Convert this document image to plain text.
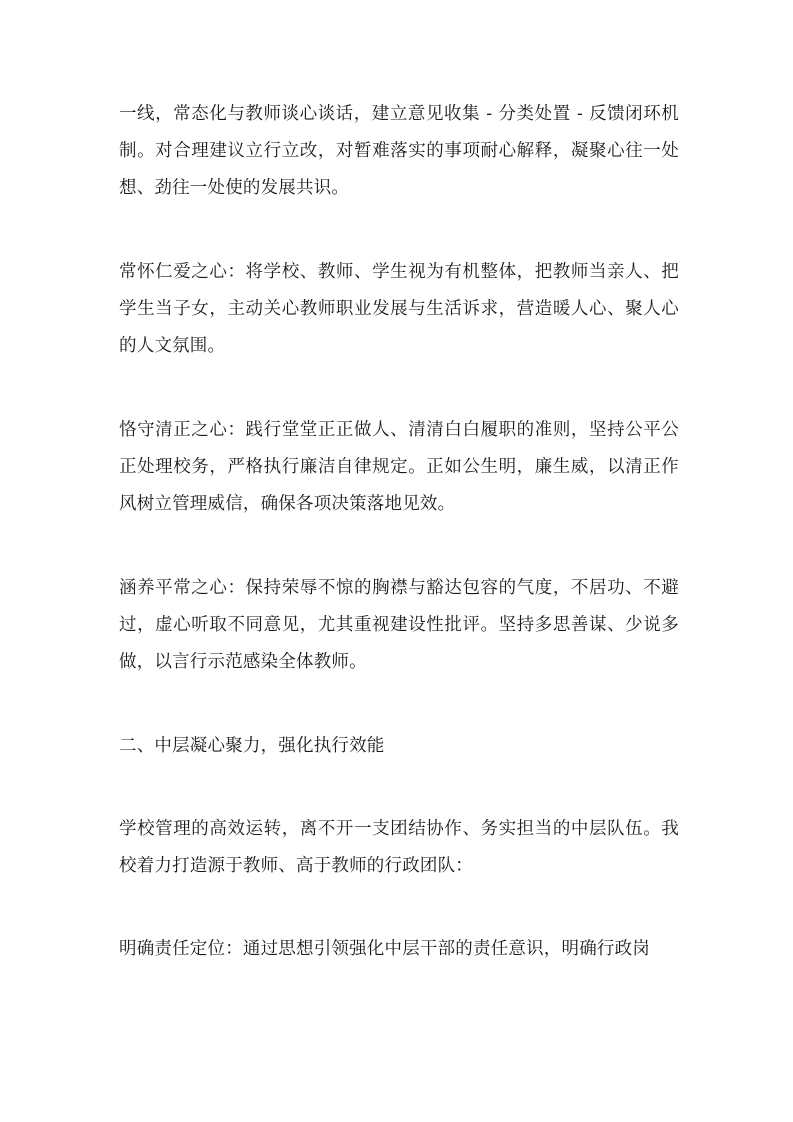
一线，常态化与教师谈心谈话，建立意见收集 - 分类处置 - 反馈闭环机制。对合理建议立行立改，对暂难落实的事项耐心解释，凝聚心往一处想、劲往一处使的发展共识。

常怀仁爱之心：将学校、教师、学生视为有机整体，把教师当亲人、把学生当子女，主动关心教师职业发展与生活诉求，营造暖人心、聚人心的人文氛围。

恪守清正之心：践行堂堂正正做人、清清白白履职的准则，坚持公平公正处理校务，严格执行廉洁自律规定。正如公生明，廉生威，以清正作风树立管理威信，确保各项决策落地见效。

涵养平常之心：保持荣辱不惊的胸襟与豁达包容的气度，不居功、不避过，虚心听取不同意见，尤其重视建设性批评。坚持多思善谋、少说多做，以言行示范感染全体教师。

二、中层凝心聚力，强化执行效能

学校管理的高效运转，离不开一支团结协作、务实担当的中层队伍。我校着力打造源于教师、高于教师的行政团队：

明确责任定位：通过思想引领强化中层干部的责任意识，明确行政岗
